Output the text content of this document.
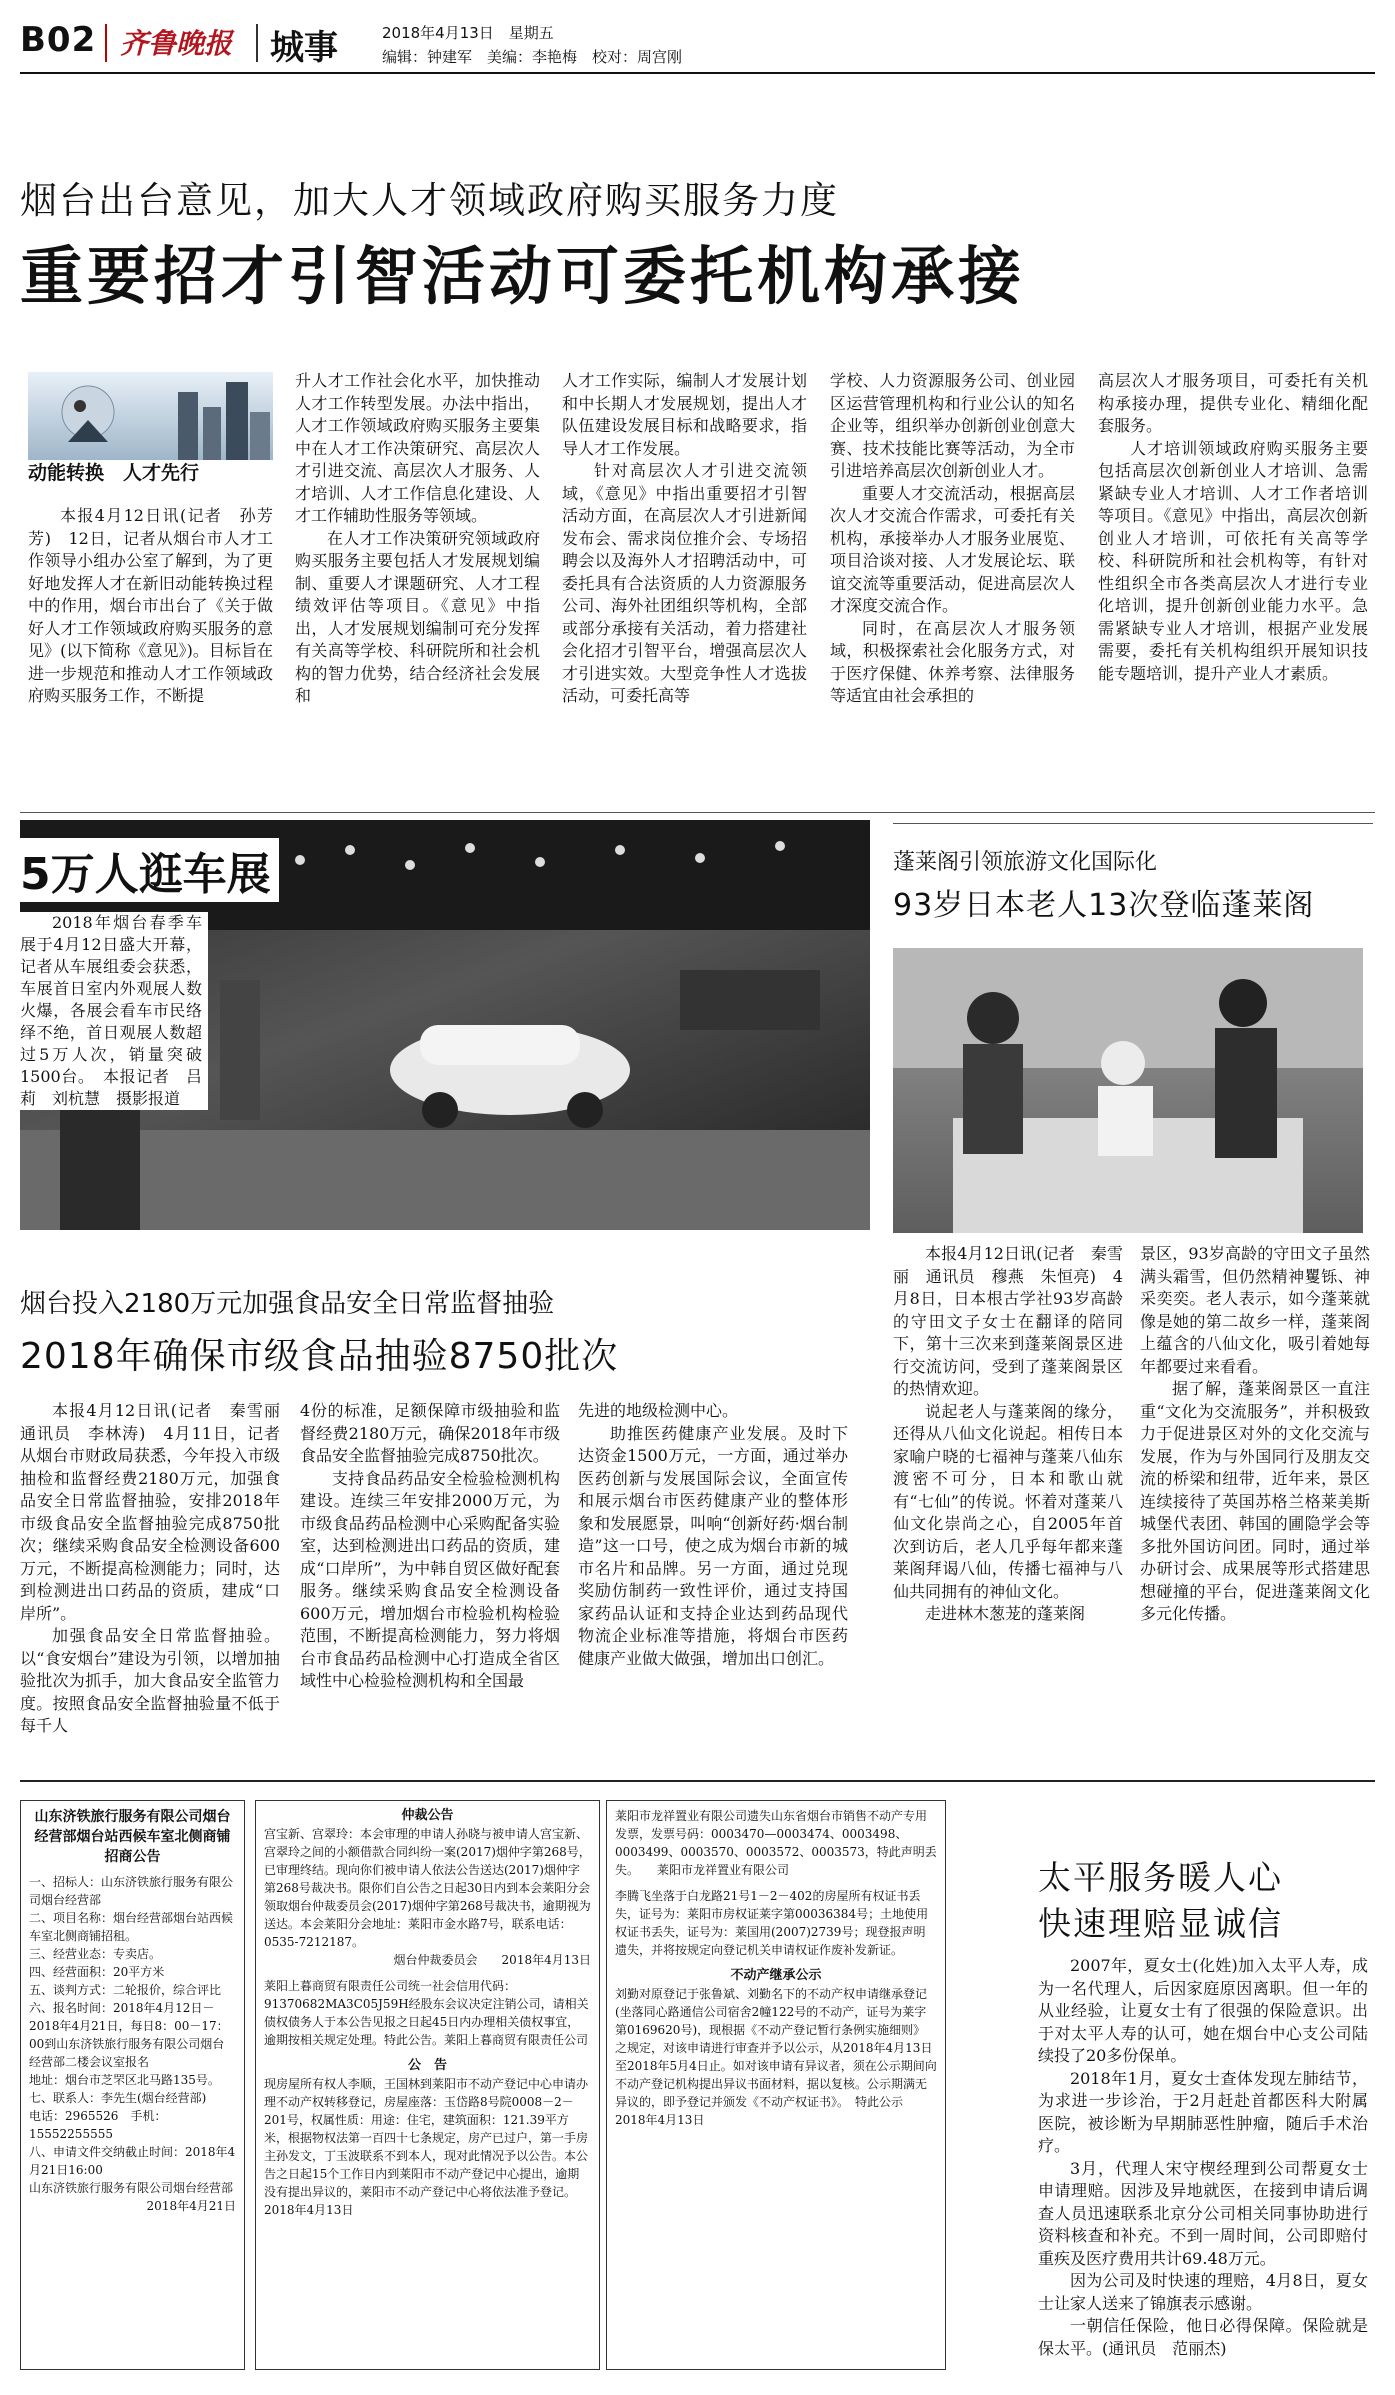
B02 齐鲁晚报 城事	2018年4月13日　星期五
编辑：钟建军　美编：李艳梅　校对：周宫刚
烟台出台意见，加大人才领域政府购买服务力度
重要招才引智活动可委托机构承接
动能转换　人才先行

本报4月12日讯(记者　孙芳芳)　12日，记者从烟台市人才工作领导小组办公室了解到，为了更好地发挥人才在新旧动能转换过程中的作用，烟台市出台了《关于做好人才工作领域政府购买服务的意见》(以下简称《意见》)。目标旨在进一步规范和推动人才工作领域政府购买服务工作，不断提

升人才工作社会化水平，加快推动人才工作转型发展。办法中指出，人才工作领域政府购买服务主要集中在人才工作决策研究、高层次人才引进交流、高层次人才服务、人才培训、人才工作信息化建设、人才工作辅助性服务等领域。

在人才工作决策研究领域政府购买服务主要包括人才发展规划编制、重要人才课题研究、人才工程绩效评估等项目。《意见》中指出，人才发展规划编制可充分发挥有关高等学校、科研院所和社会机构的智力优势，结合经济社会发展和

人才工作实际，编制人才发展计划和中长期人才发展规划，提出人才队伍建设发展目标和战略要求，指导人才工作发展。

针对高层次人才引进交流领域，《意见》中指出重要招才引智活动方面，在高层次人才引进新闻发布会、需求岗位推介会、专场招聘会以及海外人才招聘活动中，可委托具有合法资质的人力资源服务公司、海外社团组织等机构，全部或部分承接有关活动，着力搭建社会化招才引智平台，增强高层次人才引进实效。大型竞争性人才选拔活动，可委托高等

学校、人力资源服务公司、创业园区运营管理机构和行业公认的知名企业等，组织举办创新创业创意大赛、技术技能比赛等活动，为全市引进培养高层次创新创业人才。

重要人才交流活动，根据高层次人才交流合作需求，可委托有关机构，承接举办人才服务业展览、项目洽谈对接、人才发展论坛、联谊交流等重要活动，促进高层次人才深度交流合作。

同时，在高层次人才服务领域，积极探索社会化服务方式，对于医疗保健、休养考察、法律服务等适宜由社会承担的

高层次人才服务项目，可委托有关机构承接办理，提供专业化、精细化配套服务。

人才培训领域政府购买服务主要包括高层次创新创业人才培训、急需紧缺专业人才培训、人才工作者培训等项目。《意见》中指出，高层次创新创业人才培训，可依托有关高等学校、科研院所和社会机构等，有针对性组织全市各类高层次人才进行专业化培训，提升创新创业能力水平。急需紧缺专业人才培训，根据产业发展需要，委托有关机构组织开展知识技能专题培训，提升产业人才素质。

5万人逛车展

2018年烟台春季车展于4月12日盛大开幕，记者从车展组委会获悉，车展首日室内外观展人数火爆，各展会看车市民络绎不绝，首日观展人数超过5万人次，销量突破1500台。　本报记者　吕莉　刘杭慧　摄影报道

蓬莱阁引领旅游文化国际化
93岁日本老人13次登临蓬莱阁

本报4月12日讯(记者　秦雪丽　通讯员　穆燕　朱恒亮)　4月8日，日本根古学社93岁高龄的守田文子女士在翻译的陪同下，第十三次来到蓬莱阁景区进行交流访问，受到了蓬莱阁景区的热情欢迎。

说起老人与蓬莱阁的缘分，还得从八仙文化说起。相传日本家喻户晓的七福神与蓬莱八仙东渡密不可分，日本和歌山就有“七仙”的传说。怀着对蓬莱八仙文化崇尚之心，自2005年首次到访后，老人几乎每年都来蓬莱阁拜谒八仙，传播七福神与八仙共同拥有的神仙文化。

走进林木葱茏的蓬莱阁

景区，93岁高龄的守田文子虽然满头霜雪，但仍然精神矍铄、神采奕奕。老人表示，如今蓬莱就像是她的第二故乡一样，蓬莱阁上蕴含的八仙文化，吸引着她每年都要过来看看。

据了解，蓬莱阁景区一直注重“文化为交流服务”，并积极致力于促进景区对外的文化交流与发展，作为与外国同行及朋友交流的桥梁和纽带，近年来，景区连续接待了英国苏格兰格莱美斯城堡代表团、韩国的圃隐学会等多批外国访问团。同时，通过举办研讨会、成果展等形式搭建思想碰撞的平台，促进蓬莱阁文化多元化传播。

烟台投入2180万元加强食品安全日常监督抽验
2018年确保市级食品抽验8750批次

本报4月12日讯(记者　秦雪丽　通讯员　李林涛)　4月11日，记者从烟台市财政局获悉，今年投入市级抽检和监督经费2180万元，加强食品安全日常监督抽验，安排2018年市级食品安全监督抽验完成8750批次；继续采购食品安全检测设备600万元，不断提高检测能力；同时，达到检测进出口药品的资质，建成“口岸所”。

加强食品安全日常监督抽验。以“食安烟台”建设为引领，以增加抽验批次为抓手，加大食品安全监管力度。按照食品安全监督抽验量不低于每千人

4份的标准，足额保障市级抽验和监督经费2180万元，确保2018年市级食品安全监督抽验完成8750批次。

支持食品药品安全检验检测机构建设。连续三年安排2000万元，为市级食品药品检测中心采购配备实验室，达到检测进出口药品的资质，建成“口岸所”，为中韩自贸区做好配套服务。继续采购食品安全检测设备600万元，增加烟台市检验机构检验范围，不断提高检测能力，努力将烟台市食品药品检测中心打造成全省区域性中心检验检测机构和全国最

先进的地级检测中心。

助推医药健康产业发展。及时下达资金1500万元，一方面，通过举办医药创新与发展国际会议，全面宣传和展示烟台市医药健康产业的整体形象和发展愿景，叫响“创新好药·烟台制造”这一口号，使之成为烟台市新的城市名片和品牌。另一方面，通过兑现奖励仿制药一致性评价，通过支持国家药品认证和支持企业达到药品现代物流企业标准等措施，将烟台市医药健康产业做大做强，增加出口创汇。

山东济铁旅行服务有限公司烟台经营部烟台站西候车室北侧商铺招商公告

一、招标人：山东济铁旅行服务有限公司烟台经营部

二、项目名称：烟台经营部烟台站西候车室北侧商铺招租。

三、经营业态：专卖店。

四、经营面积：20平方米

五、谈判方式：二轮报价，综合评比

六、报名时间：2018年4月12日－2018年4月21日，每日8：00－17：00到山东济铁旅行服务有限公司烟台经营部二楼会议室报名

地址：烟台市芝罘区北马路135号。

七、联系人：李先生(烟台经营部)

电话：2965526　手机：15552255555

八、申请文件交纳截止时间：2018年4月21日16:00

山东济铁旅行服务有限公司烟台经营部

2018年4月21日

仲裁公告

宫宝新、宫翠玲：本会审理的申请人孙晓与被申请人宫宝新、宫翠玲之间的小额借款合同纠纷一案(2017)烟仲字第268号，已审理终结。现向你们被申请人依法公告送达(2017)烟仲字第268号裁决书。限你们自公告之日起30日内到本会莱阳分会领取烟台仲裁委员会(2017)烟仲字第268号裁决书，逾期视为送达。本会莱阳分会地址：莱阳市金水路7号，联系电话：0535-7212187。

烟台仲裁委员会　　2018年4月13日

莱阳上暮商贸有限责任公司统一社会信用代码：91370682MA3C05J59H经股东会议决定注销公司，请相关债权债务人于本公告见报之日起45日内办理相关债权事宜，逾期按相关规定处理。特此公告。莱阳上暮商贸有限责任公司

公　告

现房屋所有权人李顺，王国林到莱阳市不动产登记中心申请办理不动产权转移登记，房屋座落：玉岱路8号院0008－2－201号，权属性质：用途：住宅，建筑面积：121.39平方米，根据物权法第一百四十七条规定，房产已过户，第一手房主孙发文，丁玉波联系不到本人，现对此情况予以公告。本公告之日起15个工作日内到莱阳市不动产登记中心提出，逾期没有提出异议的，莱阳市不动产登记中心将依法准予登记。　2018年4月13日

莱阳市龙祥置业有限公司遗失山东省烟台市销售不动产专用发票，发票号码：0003470—0003474、0003498、0003499、0003570、0003572、0003573，特此声明丢失。　　莱阳市龙祥置业有限公司

李腾飞坐落于白龙路21号1－2－402的房屋所有权证书丢失，证号为：莱阳市房权证莱字第00036384号；土地使用权证书丢失，证号为：莱国用(2007)2739号；现登报声明遗失，并将按规定向登记机关申请权证作废补发新证。

不动产继承公示

刘勤对原登记于张鲁斌、刘勤名下的不动产权申请继承登记(坐落同心路通信公司宿舍2幢122号的不动产，证号为莱字第0169620号)，现根据《不动产登记暂行条例实施细则》之规定，对该申请进行审查并予以公示，从2018年4月13日至2018年5月4日止。如对该申请有异议者，须在公示期间向不动产登记机构提出异议书面材料，据以复核。公示期满无异议的，即予登记并颁发《不动产权证书》。　特此公示　　2018年4月13日

太平服务暖人心
快速理赔显诚信

2007年，夏女士(化姓)加入太平人寿，成为一名代理人，后因家庭原因离职。但一年的从业经验，让夏女士有了很强的保险意识。出于对太平人寿的认可，她在烟台中心支公司陆续投了20多份保单。

2018年1月，夏女士查体发现左肺结节，为求进一步诊治，于2月赶赴首都医科大附属医院，被诊断为早期肺恶性肿瘤，随后手术治疗。

3月，代理人宋守楔经理到公司帮夏女士申请理赔。因涉及异地就医，在接到申请后调查人员迅速联系北京分公司相关同事协助进行资料核查和补充。不到一周时间，公司即赔付重疾及医疗费用共计69.48万元。

因为公司及时快速的理赔，4月8日，夏女士让家人送来了锦旗表示感谢。

一朝信任保险，他日必得保障。保险就是保太平。(通讯员　范丽杰)
